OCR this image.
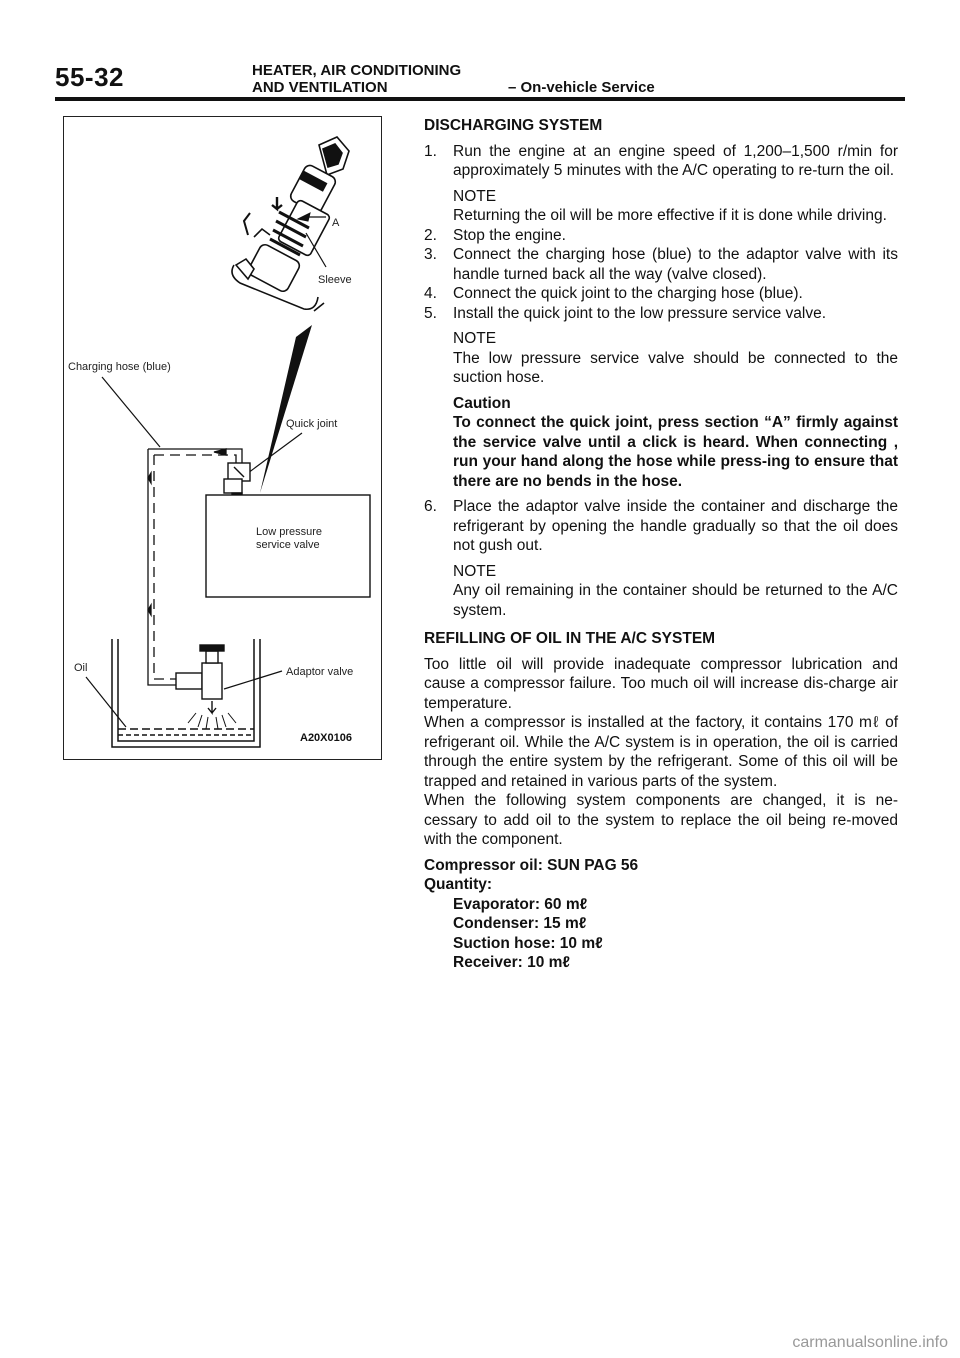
55-32	HEATER, AIR CONDITIONING
AND VENTILATION	– On-vehicle Service
A
Sleeve
Charging hose (blue)
Quick joint
Low pressure
service valve
Oil	Adaptor valve
A20X0106
DISCHARGING SYSTEM
1.	Run the engine at an engine speed of 1,200–1,500 r/min for approximately 5 minutes with the A/C operating to re-turn the oil.
NOTE
Returning the oil will be more effective if it is done while driving.
2.	Stop the engine.
3.	Connect the charging hose (blue) to the adaptor valve with its handle turned back all the way (valve closed).
4.	Connect the quick joint to the charging hose (blue).
5.	Install the quick joint to the low pressure service valve.
NOTE
The low pressure service valve should be connected to the suction hose.
Caution
To connect the quick joint, press section “A” firmly against the service valve until a click is heard. When connecting , run your hand along the hose while press-ing to ensure that there are no bends in the hose.
6.	Place the adaptor valve inside the container and discharge the refrigerant by opening the handle gradually so that the oil does not gush out.
NOTE
Any oil remaining in the container should be returned to the A/C system.
REFILLING OF OIL IN THE A/C SYSTEM

Too little oil will provide inadequate compressor lubrication and cause a compressor failure. Too much oil will increase dis-charge air temperature.

When a compressor is installed at the factory, it contains 170 mℓ of refrigerant oil. While the A/C system is in operation, the oil is carried through the entire system by the refrigerant. Some of this oil will be trapped and retained in various parts of the system.

When the following system components are changed, it is ne-cessary to add oil to the system to replace the oil being re-moved with the component.

Compressor oil: SUN PAG 56
Quantity:
Evaporator: 60 mℓ
Condenser: 15 mℓ
Suction hose: 10 mℓ
Receiver: 10 mℓ
carmanualsonline.info
